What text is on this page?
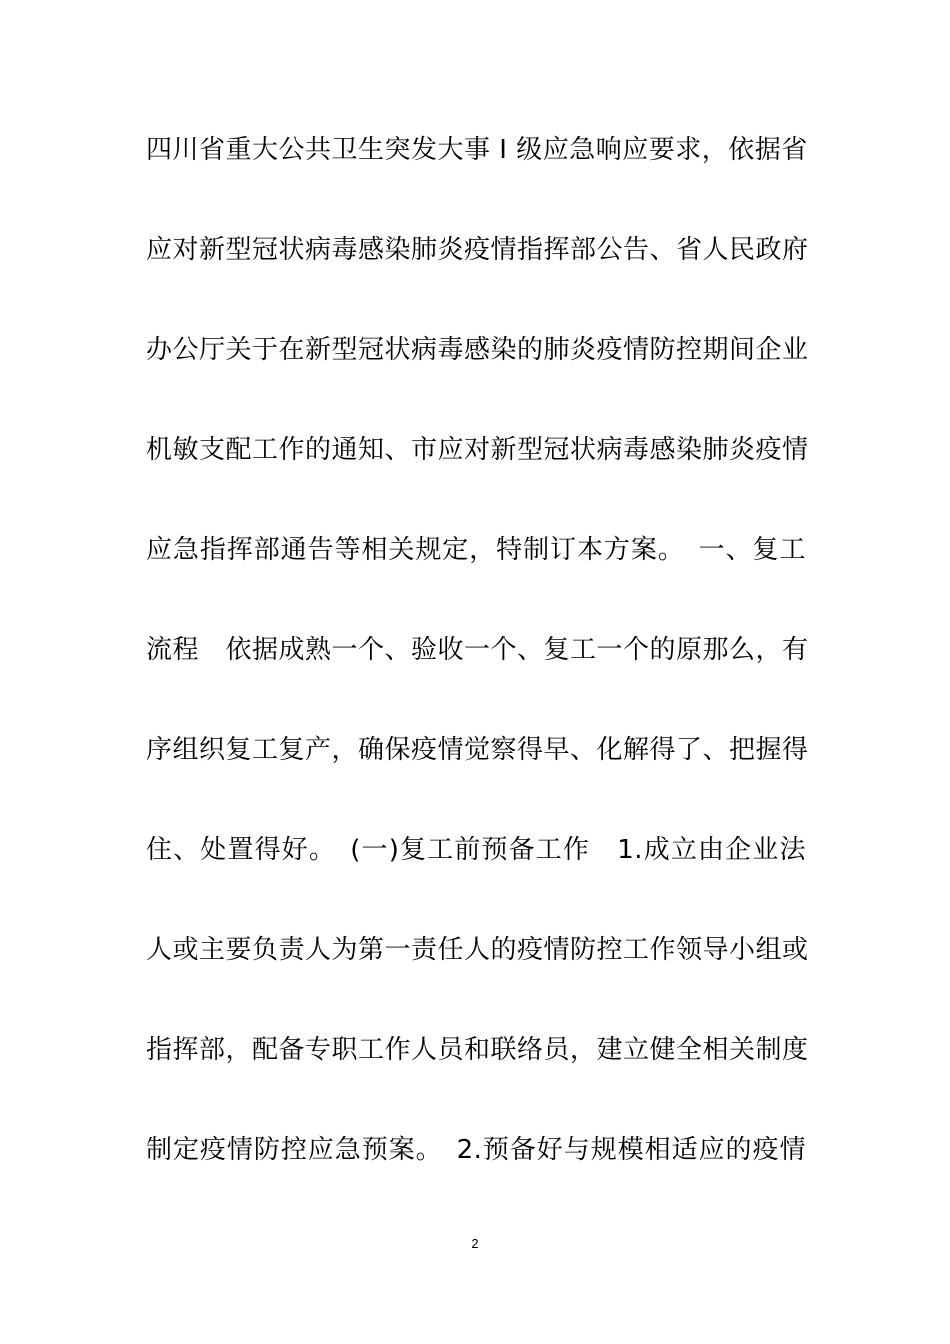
四川省重大公共卫生突发大事 Ⅰ 级应急响应要求，依据省
应对新型冠状病毒感染肺炎疫情指挥部公告、省人民政府
办公厅关于在新型冠状病毒感染的肺炎疫情防控期间企业
机敏支配工作的通知、市应对新型冠状病毒感染肺炎疫情
应急指挥部通告等相关规定，特制订本方案。　一、复工
流程　依据成熟一个、验收一个、复工一个的原那么，有
序组织复工复产，确保疫情觉察得早、化解得了、把握得
住、处置得好。　(一)复工前预备工作　1.成立由企业法
人或主要负责人为第一责任人的疫情防控工作领导小组或
指挥部，配备专职工作人员和联络员，建立健全相关制度
制定疫情防控应急预案。　2.预备好与规模相适应的疫情
2
